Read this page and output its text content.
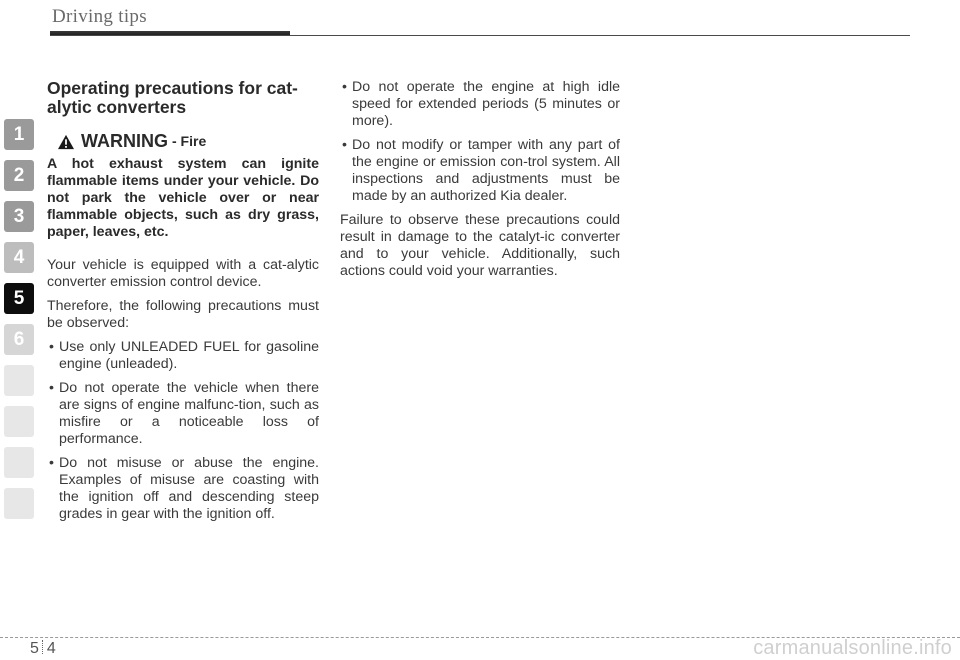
Driving tips
1
2
3
4
5
6
Operating precautions for cat-alytic converters
WARNING - Fire
A hot exhaust system can ignite flammable items under your vehicle. Do not park the vehicle over or near flammable objects, such as dry grass, paper, leaves, etc.

Your vehicle is equipped with a cat-alytic converter emission control device.

Therefore, the following precautions must be observed:

• Use only UNLEADED FUEL for gasoline engine (unleaded).
• Do not operate the vehicle when there are signs of engine malfunc-tion, such as misfire or a noticeable loss of performance.
• Do not misuse or abuse the engine. Examples of misuse are coasting with the ignition off and descending steep grades in gear with the ignition off.
• Do not operate the engine at high idle speed for extended periods (5 minutes or more).
• Do not modify or tamper with any part of the engine or emission con-trol system. All inspections and adjustments must be made by an authorized Kia dealer.

Failure to observe these precautions could result in damage to the catalyt-ic converter and to your vehicle. Additionally, such actions could void your warranties.

5 4	carmanualsonline.info
